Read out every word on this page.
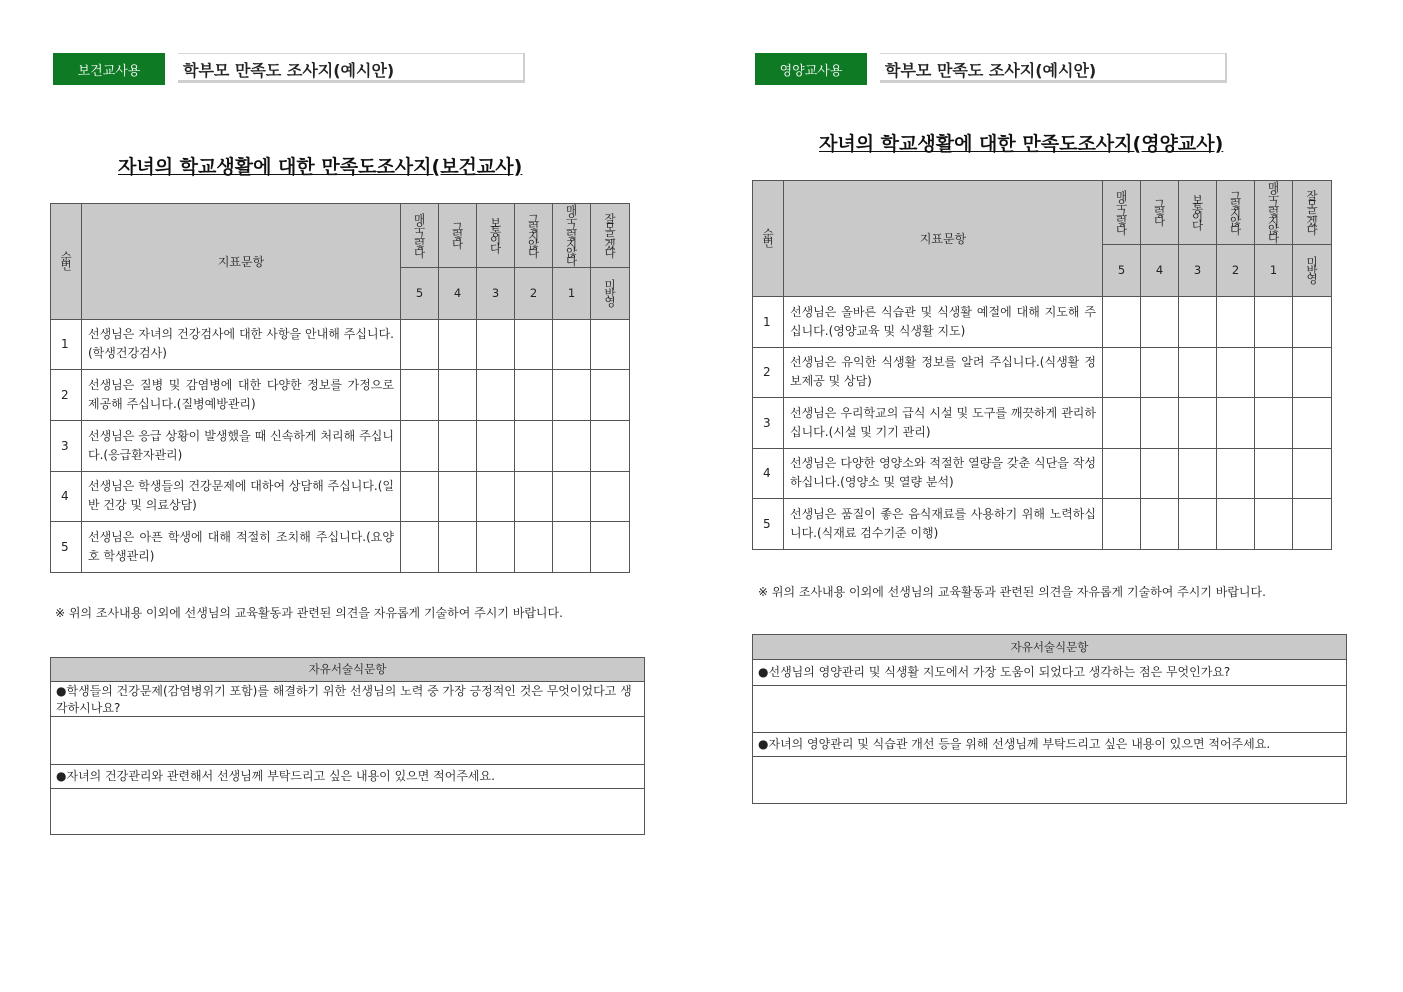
보건교사용	학부모 만족도 조사지(예시안)
자녀의 학교생활에 대한 만족도조사지(보건교사)
순번	지표문항	매우그렇다	그렇다	보통이다	그렇지않다	매우그렇지않다	잘모르겠다
		5	4	3	2	1	미반영
1	선생님은 자녀의 건강검사에 대한 사항을 안내해 주십니다.(학생건강검사)						
2	선생님은 질병 및 감염병에 대한 다양한 정보를 가정으로 제공해 주십니다.(질병예방관리)						
3	선생님은 응급 상황이 발생했을 때 신속하게 처리해 주십니다.(응급환자관리)						
4	선생님은 학생들의 건강문제에 대하여 상담해 주십니다.(일반 건강 및 의료상담)						
5	선생님은 아픈 학생에 대해 적절히 조치해 주십니다.(요양호 학생관리)						
※ 위의 조사내용 이외에 선생님의 교육활동과 관련된 의견을 자유롭게 기술하여 주시기 바랍니다.
자유서술식문항
●학생들의 건강문제(감염병위기 포함)를 해결하기 위한 선생님의 노력 중 가장 긍정적인 것은 무엇이었다고 생각하시나요?
●자녀의 건강관리와 관련해서 선생님께 부탁드리고 싶은 내용이 있으면 적어주세요.
영양교사용	학부모 만족도 조사지(예시안)
자녀의 학교생활에 대한 만족도조사지(영양교사)
순번	지표문항	매우그렇다	그렇다	보통이다	그렇지않다	매우그렇지않다	잘모르겠다
		5	4	3	2	1	미반영
1	선생님은 올바른 식습관 및 식생활 예절에 대해 지도해 주십니다.(영양교육 및 식생활 지도)						
2	선생님은 유익한 식생활 정보를 알려 주십니다.(식생활 정보제공 및 상담)						
3	선생님은 우리학교의 급식 시설 및 도구를 깨끗하게 관리하십니다.(시설 및 기기 관리)						
4	선생님은 다양한 영양소와 적절한 열량을 갖춘 식단을 작성하십니다.(영양소 및 열량 분석)						
5	선생님은 품질이 좋은 음식재료를 사용하기 위해 노력하십니다.(식재료 검수기준 이행)						
※ 위의 조사내용 이외에 선생님의 교육활동과 관련된 의견을 자유롭게 기술하여 주시기 바랍니다.
자유서술식문항
●선생님의 영양관리 및 식생활 지도에서 가장 도움이 되었다고 생각하는 점은 무엇인가요?
●자녀의 영양관리 및 식습관 개선 등을 위해 선생님께 부탁드리고 싶은 내용이 있으면 적어주세요.
